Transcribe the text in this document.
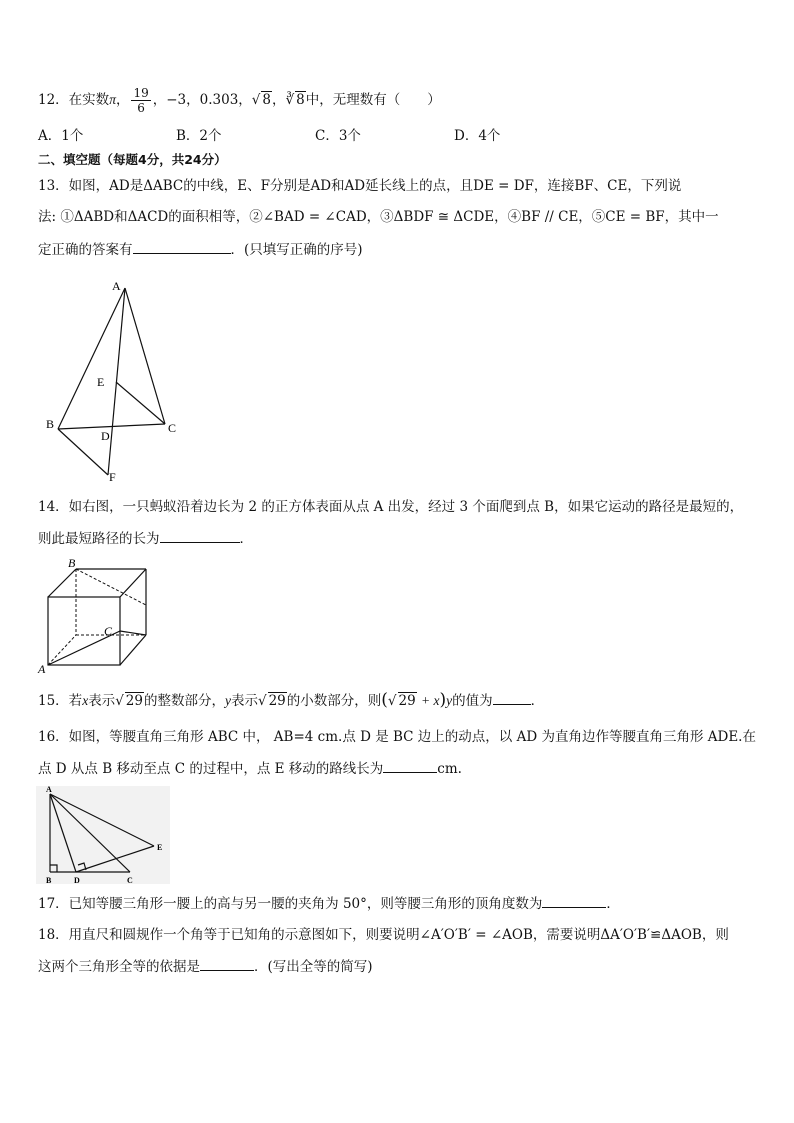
12．在实数π， $\frac{19}{6}$ ，−3，0.303，√ 8，∛ 8中，无理数有（　　）
A．1个	B．2个	C．3个	D．4个
二、填空题（每题4分，共24分）
13．如图，AD是ΔABC的中线，E、F分别是AD和AD延长线上的点，且DE = DF，连接BF、CE，下列说
法: ①ΔABD和ΔACD的面积相等，②∠BAD = ∠CAD，③ΔBDF ≅ ΔCDE，④BF // CE，⑤CE = BF，其中一
定正确的答案有	．(只填写正确的序号)
A
B	C
D
E
F
14．如右图，一只蚂蚁沿着边长为 2 的正方体表面从点 A 出发，经过 3 个面爬到点 B，如果它运动的路径是最短的，
则此最短路径的长为	．
B
A
C
15．若x表示√ 29的整数部分，y表示√ 29的小数部分，则(√ 29 + x)y的值为	．
16．如图，等腰直角三角形 ABC 中， AB=4 cm.点 D 是 BC 边上的动点，以 AD 为直角边作等腰直角三角形 ADE.在
点 D 从点 B 移动至点 C 的过程中，点 E 移动的路线长为	cm.
A
B	D	C
E
17．已知等腰三角形一腰上的高与另一腰的夹角为 50°，则等腰三角形的顶角度数为	．
18．用直尺和圆规作一个角等于已知角的示意图如下，则要说明∠A′O′B′ = ∠AOB，需要说明ΔA′O′B′≌ΔAOB，则
这两个三角形全等的依据是	．(写出全等的简写)
